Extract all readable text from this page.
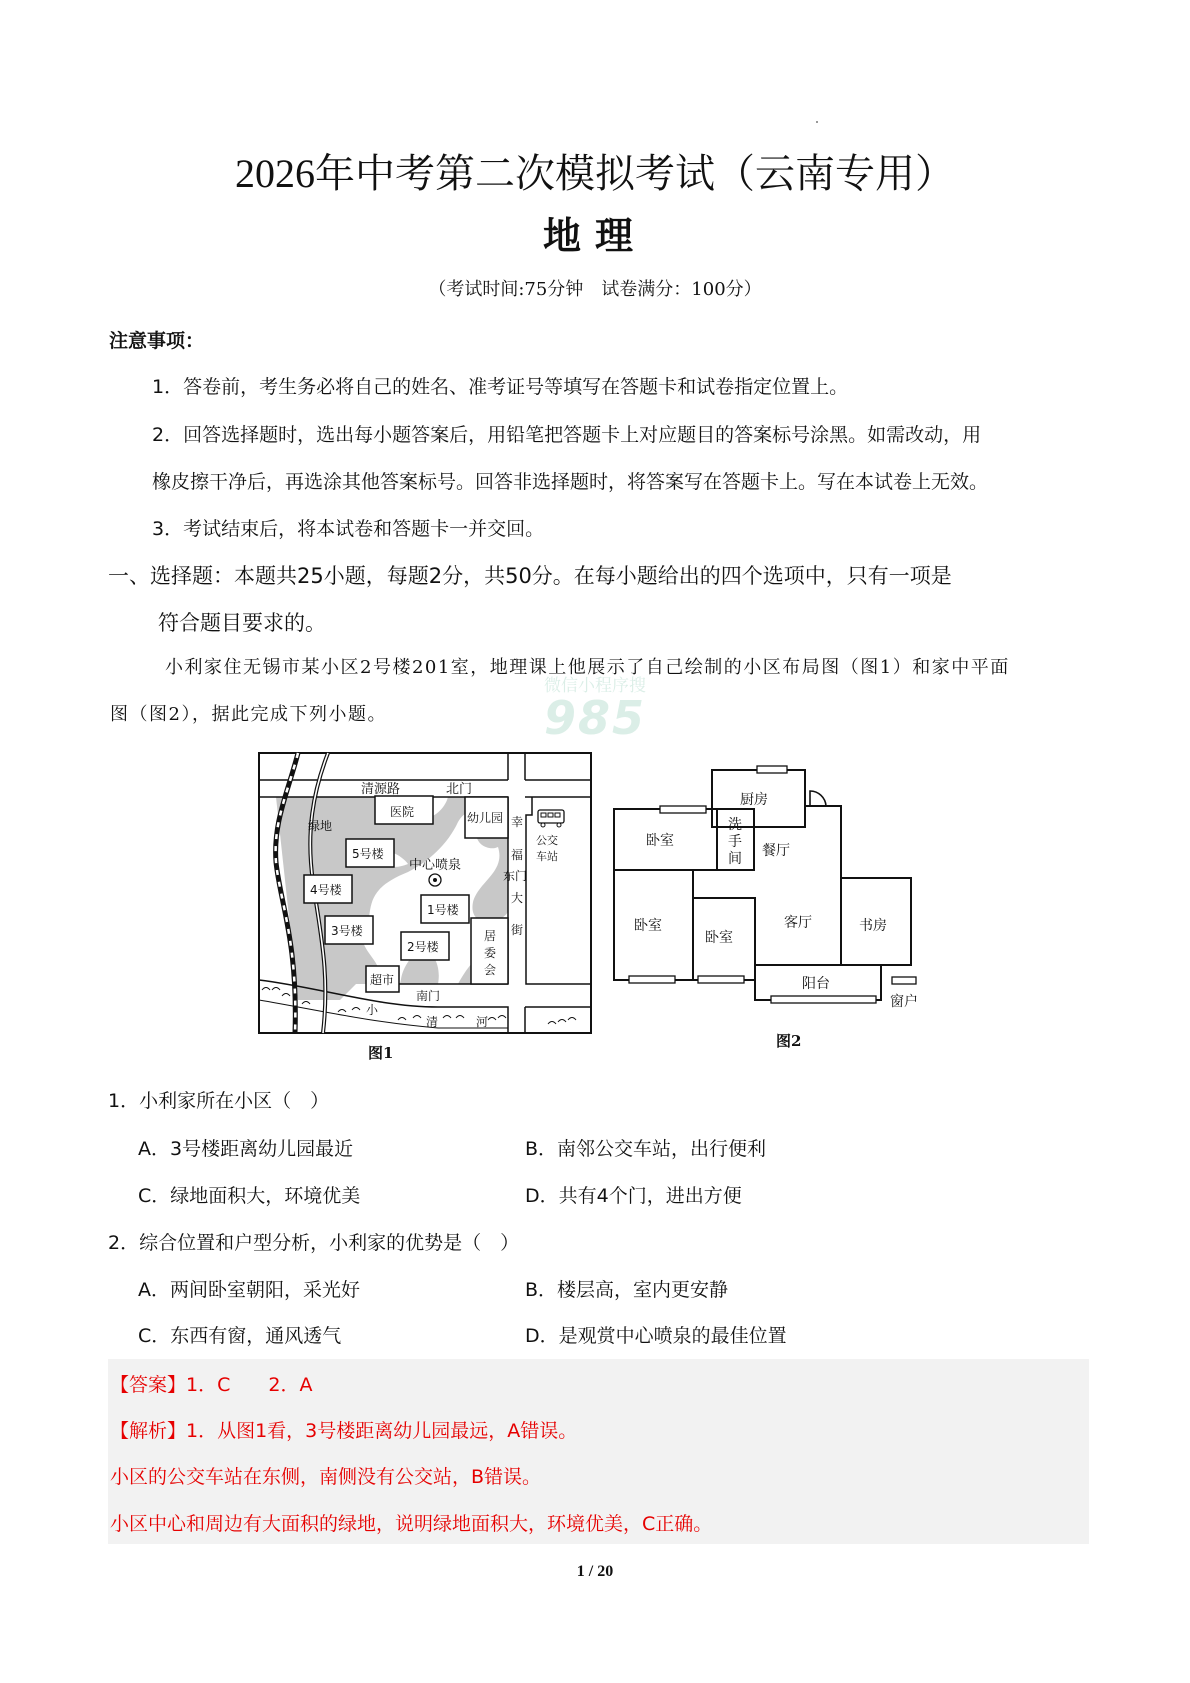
2026年中考第二次模拟考试（云南专用）
地理
（考试时间:75分钟　试卷满分：100分）
注意事项：
1．答卷前，考生务必将自己的姓名、准考证号等填写在答题卡和试卷指定位置上。
2．回答选择题时，选出每小题答案后，用铅笔把答题卡上对应题目的答案标号涂黑。如需改动，用
橡皮擦干净后，再选涂其他答案标号。回答非选择题时，将答案写在答题卡上。写在本试卷上无效。
3．考试结束后，将本试卷和答题卡一并交回。
一、选择题：本题共25小题，每题2分，共50分。在每小题给出的四个选项中，只有一项是
符合题目要求的。
小利家住无锡市某小区2号楼201室，地理课上他展示了自己绘制的小区布局图（图1）和家中平面
微信小程序搜
985
图（图2），据此完成下列小题。
清源路	北门
医院	幼儿园
绿地
5号楼
4号楼
3号楼
1号楼
2号楼
中心喷泉
超市
居
委
会
幸
福
东门
大
街
公交
车站
南门
小
清	河
图1
厨房
卧室
洗
手
间 餐厅
卧室
卧室
客厅	书房
阳台
窗户
图2
1．小利家所在小区（　）
A．3号楼距离幼儿园最近	B．南邻公交车站，出行便利
C．绿地面积大，环境优美	D．共有4个门，进出方便
2．综合位置和户型分析，小利家的优势是（　）
A．两间卧室朝阳，采光好	B．楼层高，室内更安静
C．东西有窗，通风透气	D．是观赏中心喷泉的最佳位置
【答案】1．C　　2．A
【解析】1．从图1看，3号楼距离幼儿园最远，A错误。
小区的公交车站在东侧，南侧没有公交站，B错误。
小区中心和周边有大面积的绿地，说明绿地面积大，环境优美，C正确。
1 / 20
